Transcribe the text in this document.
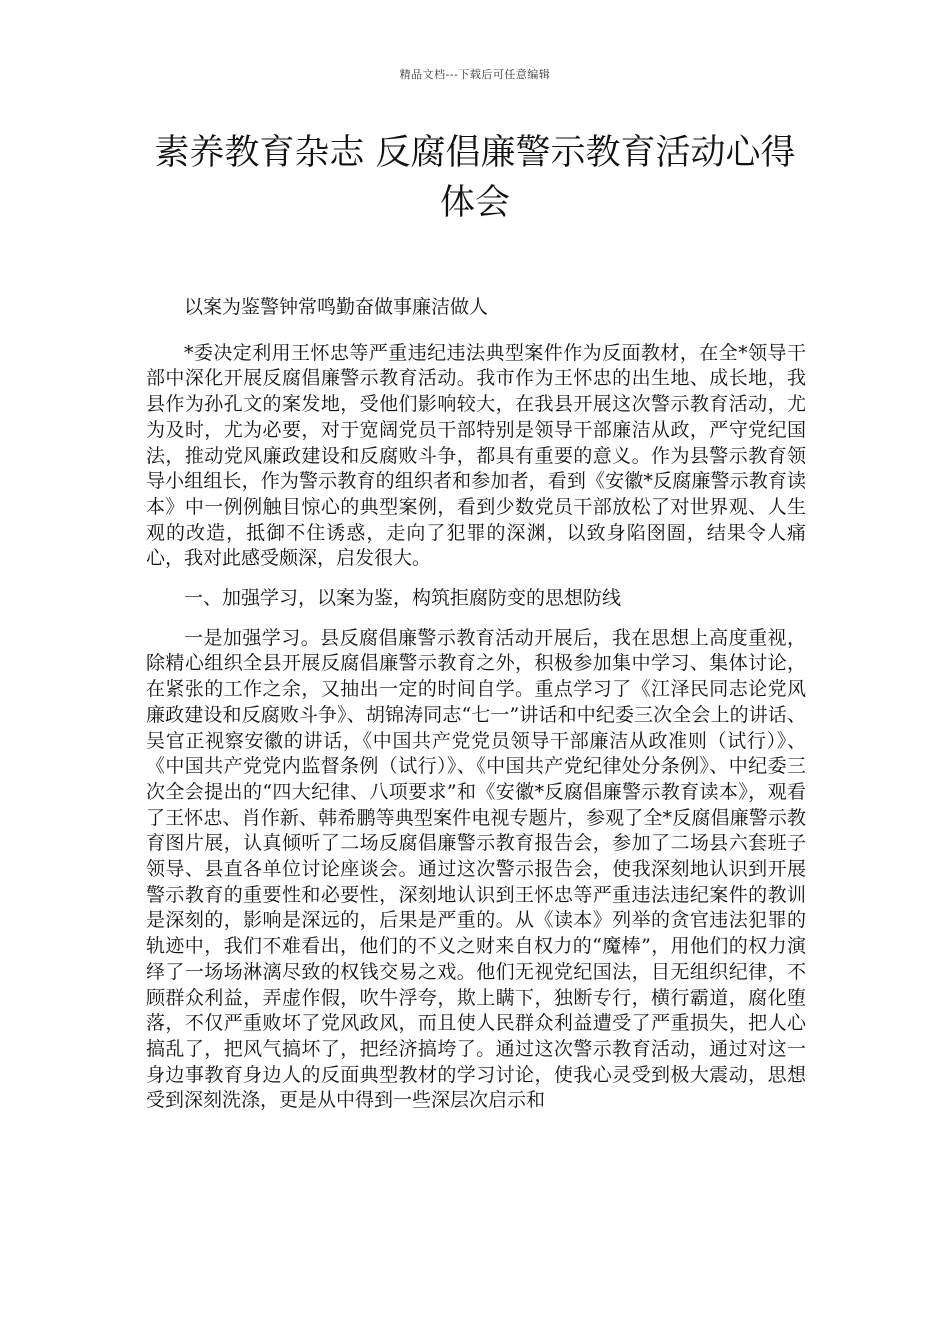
精品文档---下载后可任意编辑
素养教育杂志 反腐倡廉警示教育活动心得体会

以案为鉴警钟常鸣勤奋做事廉洁做人

*委决定利用王怀忠等严重违纪违法典型案件作为反面教材，在全*领导干部中深化开展反腐倡廉警示教育活动。我市作为王怀忠的出生地、成长地，我县作为孙孔文的案发地，受他们影响较大，在我县开展这次警示教育活动，尤为及时，尤为必要，对于宽阔党员干部特别是领导干部廉洁从政，严守党纪国法，推动党风廉政建设和反腐败斗争，都具有重要的意义。作为县警示教育领导小组组长，作为警示教育的组织者和参加者，看到《安徽*反腐廉警示教育读本》中一例例触目惊心的典型案例，看到少数党员干部放松了对世界观、人生观的改造，抵御不住诱惑，走向了犯罪的深渊，以致身陷囹圄，结果令人痛心，我对此感受颇深，启发很大。

一、加强学习，以案为鉴，构筑拒腐防变的思想防线

一是加强学习。县反腐倡廉警示教育活动开展后，我在思想上高度重视，除精心组织全县开展反腐倡廉警示教育之外，积极参加集中学习、集体讨论，在紧张的工作之余，又抽出一定的时间自学。重点学习了《江泽民同志论党风廉政建设和反腐败斗争》、胡锦涛同志“七一”讲话和中纪委三次全会上的讲话、吴官正视察安徽的讲话，《中国共产党党员领导干部廉洁从政准则（试行）》、《中国共产党党内监督条例（试行）》、《中国共产党纪律处分条例》、中纪委三次全会提出的“四大纪律、八项要求”和《安徽*反腐倡廉警示教育读本》，观看了王怀忠、肖作新、韩希鹏等典型案件电视专题片，参观了全*反腐倡廉警示教育图片展，认真倾听了二场反腐倡廉警示教育报告会，参加了二场县六套班子领导、县直各单位讨论座谈会。通过这次警示报告会，使我深刻地认识到开展警示教育的重要性和必要性，深刻地认识到王怀忠等严重违法违纪案件的教训是深刻的，影响是深远的，后果是严重的。从《读本》列举的贪官违法犯罪的轨迹中，我们不难看出，他们的不义之财来自权力的“魔棒”，用他们的权力演绎了一场场淋漓尽致的权钱交易之戏。他们无视党纪国法，目无组织纪律，不顾群众利益，弄虚作假，吹牛浮夸，欺上瞒下，独断专行，横行霸道，腐化堕落，不仅严重败坏了党风政风，而且使人民群众利益遭受了严重损失，把人心搞乱了，把风气搞坏了，把经济搞垮了。通过这次警示教育活动，通过对这一身边事教育身边人的反面典型教材的学习讨论，使我心灵受到极大震动，思想受到深刻洗涤，更是从中得到一些深层次启示和
